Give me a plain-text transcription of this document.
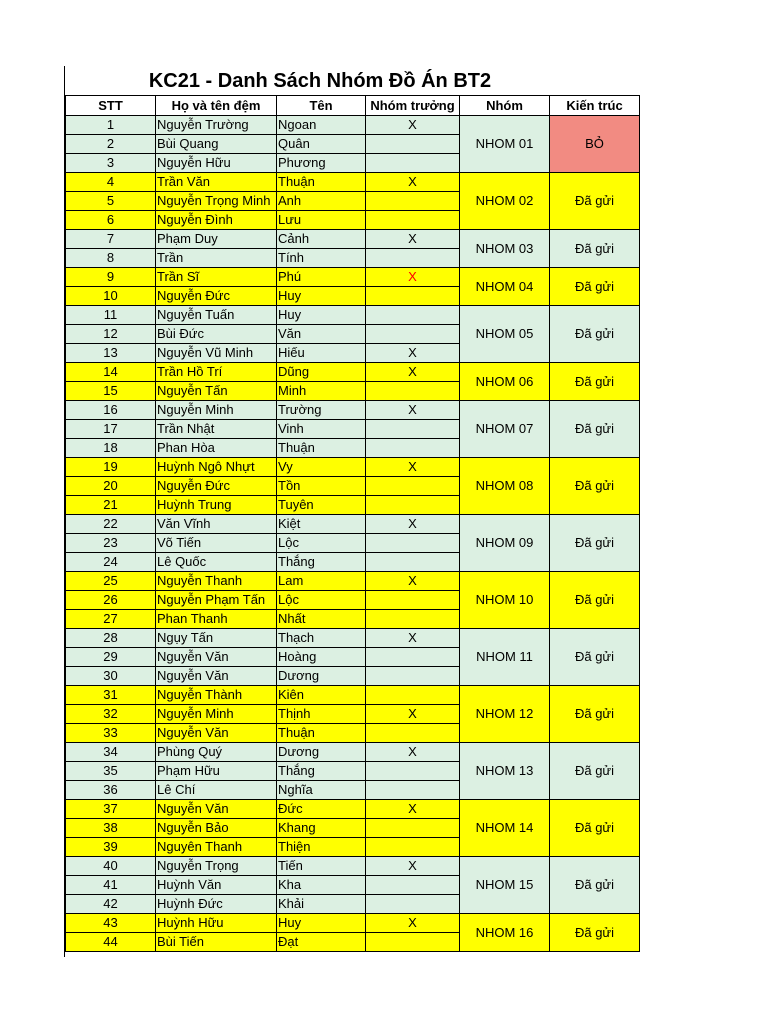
KC21 - Danh Sách Nhóm Đồ Án BT2
STT	Họ và tên đệm	Tên	Nhóm trưởng	Nhóm	Kiến trúc
1	Nguyễn Trường	Ngoan	X	NHOM 01	BỎ
2	Bùi Quang	Quân			
3	Nguyễn Hữu	Phương			
4	Trần Văn	Thuận	X	NHOM 02	Đã gửi
5	Nguyễn Trọng Minh	Anh			
6	Nguyễn Đình	Lưu			
7	Phạm Duy	Cảnh	X	NHOM 03	Đã gửi
8	Trần	Tính			
9	Trần Sĩ	Phú	X	NHOM 04	Đã gửi
10	Nguyễn Đức	Huy			
11	Nguyễn Tuấn	Huy		NHOM 05	Đã gửi
12	Bùi Đức	Văn			
13	Nguyễn Vũ Minh	Hiếu	X		
14	Trần Hồ Trí	Dũng	X	NHOM 06	Đã gửi
15	Nguyễn Tấn	Minh			
16	Nguyễn Minh	Trường	X	NHOM 07	Đã gửi
17	Trần Nhật	Vinh			
18	Phan Hòa	Thuận			
19	Huỳnh Ngô Nhựt	Vy	X	NHOM 08	Đã gửi
20	Nguyễn Đức	Tồn			
21	Huỳnh Trung	Tuyên			
22	Văn Vĩnh	Kiệt	X	NHOM 09	Đã gửi
23	Võ Tiến	Lộc			
24	Lê Quốc	Thắng			
25	Nguyễn Thanh	Lam	X	NHOM 10	Đã gửi
26	Nguyễn Phạm Tấn	Lộc			
27	Phan Thanh	Nhất			
28	Ngụy Tấn	Thạch	X	NHOM 11	Đã gửi
29	Nguyễn Văn	Hoàng			
30	Nguyễn Văn	Dương			
31	Nguyễn Thành	Kiên		NHOM 12	Đã gửi
32	Nguyễn Minh	Thịnh	X		
33	Nguyễn Văn	Thuận			
34	Phùng Quý	Dương	X	NHOM 13	Đã gửi
35	Phạm Hữu	Thắng			
36	Lê Chí	Nghĩa			
37	Nguyễn Văn	Đức	X	NHOM 14	Đã gửi
38	Nguyễn Bảo	Khang			
39	Nguyên Thanh	Thiện			
40	Nguyễn Trọng	Tiến	X	NHOM 15	Đã gửi
41	Huỳnh Văn	Kha			
42	Huỳnh Đức	Khải			
43	Huỳnh Hữu	Huy	X	NHOM 16	Đã gửi
44	Bùi Tiến	Đạt			
